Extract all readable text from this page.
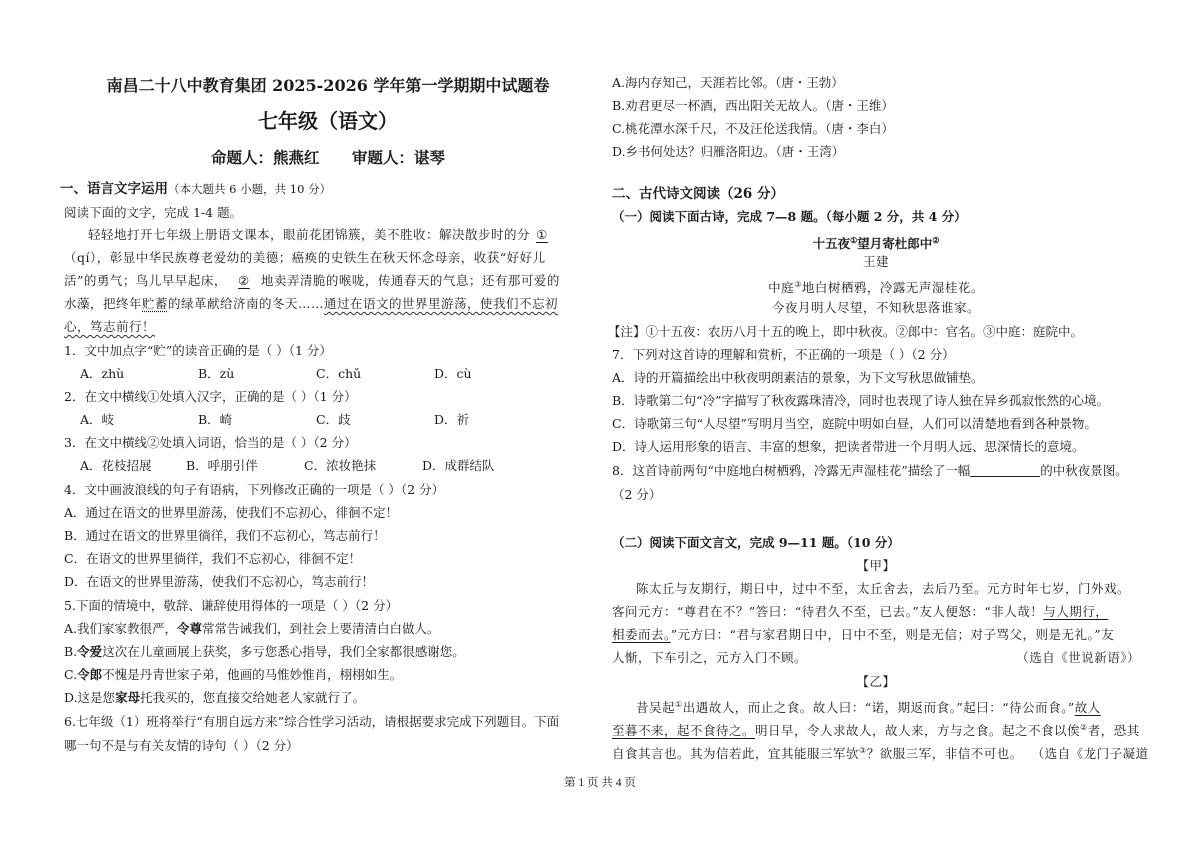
南昌二十八中教育集团 2025-2026 学年第一学期期中试题卷
七年级（语文）
命题人：熊燕红      审题人：谌琴
一、语言文字运用（本大题共 6 小题，共 10 分）
阅读下面的文字，完成 1-4 题。
轻轻地打开七年级上册语文课本，眼前花团锦簇，美不胜收：解决散步时的分 ①
（qí），彰显中华民族尊老爱幼的美德；癌痪的史铁生在秋天怀念母亲，收获“好好儿
活”的勇气；鸟儿早早起床， ② 地卖弄清脆的喉咙，传通春天的气息；还有那可爱的
水藻，把终年贮蓄的绿革献给济南的冬天……通过在语文的世界里游荡，使我们不忘初
心，笃志前行！
1．文中加点字“贮”的读音正确的是（ ）（1 分）
A．zhù	B．zù	C．chǔ	D．cù
2．在文中横线①处填入汉字，正确的是（ ）（1 分）
A．岐	B．崎	C．歧	D．祈
3．在文中横线②处填入词语，恰当的是（ ）（2 分）
A．花枝招展	B．呼朋引伴	C．浓妆艳抹	D．成群结队
4．文中画波浪线的句子有语病，下列修改正确的一项是（ ）（2 分）
A．通过在语文的世界里游荡，使我们不忘初心，徘徊不定！
B．通过在语文的世界里徜徉，我们不忘初心，笃志前行！
C．在语文的世界里徜徉，我们不忘初心，徘徊不定！
D．在语文的世界里游荡，使我们不忘初心，笃志前行！
5.下面的情境中，敬辞、谦辞使用得体的一项是（ ）（2 分）
A.我们家家教很严，令尊常常告诫我们，到社会上要清清白白做人。
B.令爱这次在儿童画展上获奖，多亏您悉心指导，我们全家都很感谢您。
C.令郎不愧是丹青世家子弟，他画的马惟妙惟肖，栩栩如生。
D.这是您家母托我买的，您直接交给她老人家就行了。
6.七年级（1）班将举行“有朋自远方来”综合性学习活动，请根据要求完成下列题目。下面
哪一句不是与有关友情的诗句（ ）（2 分）
A.海内存知己，天涯若比邻。（唐・王勃）
B.劝君更尽一杯酒，西出阳关无故人。（唐・王维）
C.桃花潭水深千尺，不及汪伦送我情。（唐・李白）
D.乡书何处达？归雁洛阳边。（唐・王湾）
二、古代诗文阅读（26 分）
（一）阅读下面古诗，完成 7—8 题。（每小题 2 分，共 4 分）
十五夜①望月寄杜郎中②
王建
中庭③地白树栖鸦，冷露无声湿桂花。
今夜月明人尽望，不知秋思落谁家。
【注】①十五夜：农历八月十五的晚上，即中秋夜。②郎中：官名。③中庭：庭院中。
7．下列对这首诗的理解和赏析，不正确的一项是（ ）（2 分）
A．诗的开篇描绘出中秋夜明朗素洁的景象，为下文写秋思做铺垫。
B．诗歌第二句“冷”字描写了秋夜露珠清冷，同时也表现了诗人独在异乡孤寂怅然的心境。
C．诗歌第三句“人尽望”写明月当空，庭院中明如白昼，人们可以清楚地看到各种景物。
D．诗人运用形象的语言、丰富的想象，把读者带进一个月明人远、思深情长的意境。
8．这首诗前两句“中庭地白树栖鸦，冷露无声湿桂花”描绘了一幅	的中秋夜景图。
（2 分）
（二）阅读下面文言文，完成 9—11 题。（10 分）
【甲】
陈太丘与友期行，期日中，过中不至，太丘舍去，去后乃至。元方时年七岁，门外戏。
客问元方：“尊君在不？”答曰：“待君久不至，已去。”友人便怒：“非人哉！与人期行，
相委而去。”元方曰：“君与家君期日中，日中不至，则是无信；对子骂父，则是无礼。”友
人惭，下车引之，元方入门不顾。	（选自《世说新语》）
【乙】
昔吴起①出遇故人，而止之食。故人曰：“诺，期返而食。”起曰：“待公而食。”故人
至暮不来，起不食待之。明日早，令人求故人，故人来，方与之食。起之不食以俟②者，恐其
自食其言也。其为信若此，宜其能服三军欤③？欲服三军，非信不可也。  （选自《龙门子凝道
第 1 页 共 4 页
